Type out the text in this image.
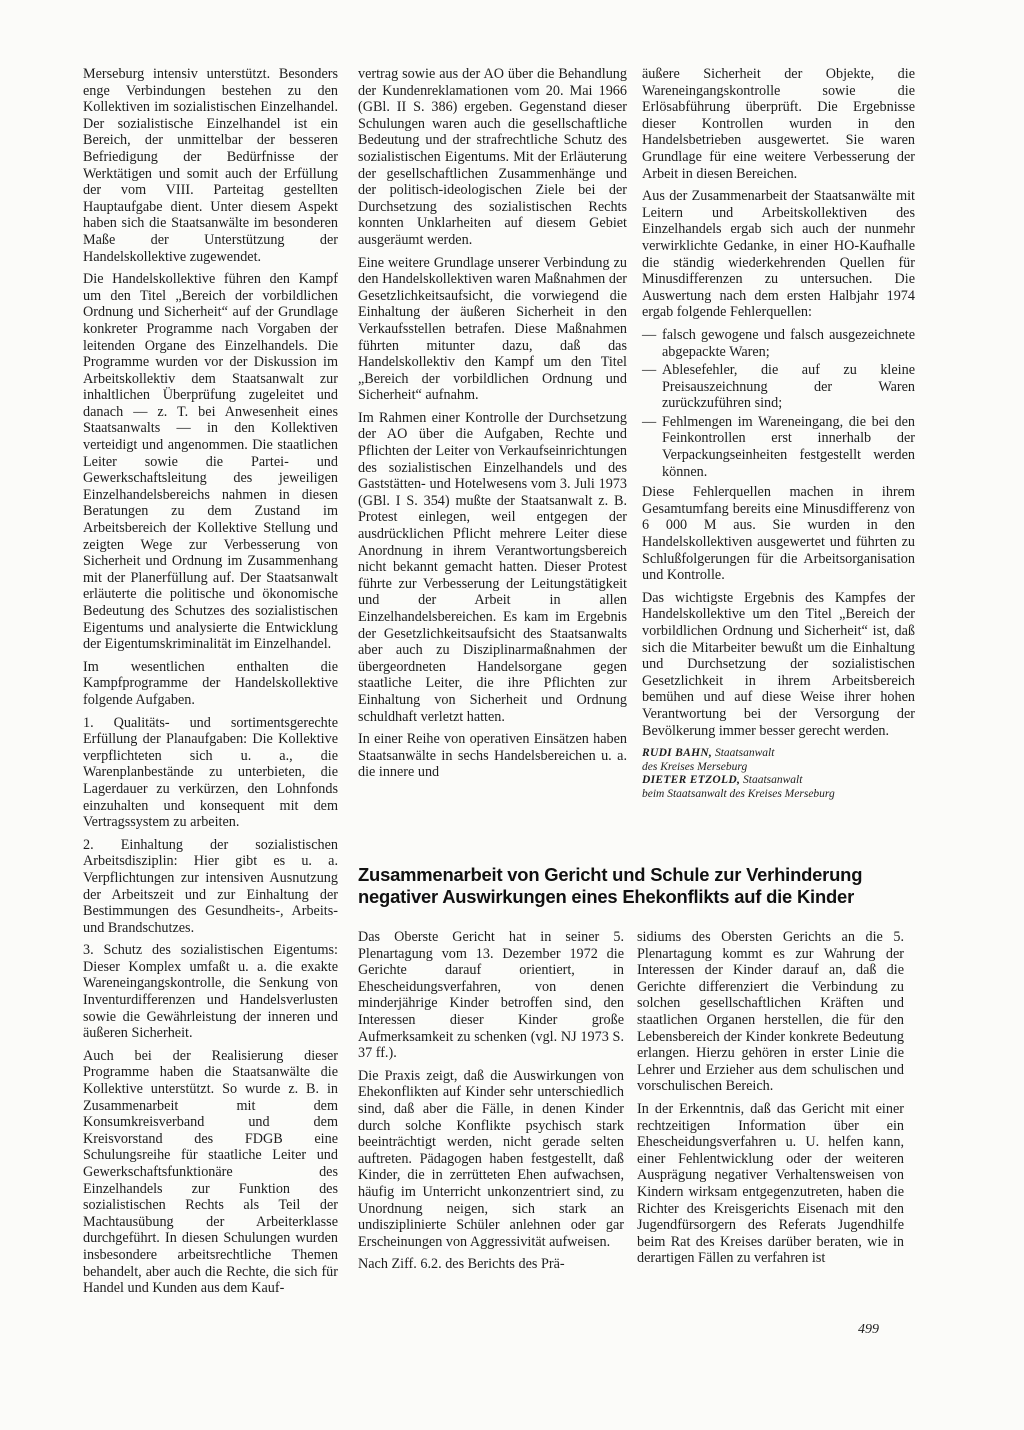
Merseburg intensiv unterstützt. Besonders enge Verbindungen bestehen zu den Kollektiven im sozialistischen Einzelhandel. Der sozialistische Einzelhandel ist ein Bereich, der unmittelbar der besseren Befriedigung der Bedürfnisse der Werktätigen und somit auch der Erfüllung der vom VIII. Parteitag gestellten Hauptaufgabe dient. Unter diesem Aspekt haben sich die Staatsanwälte im besonderen Maße der Unterstützung der Handelskollektive zugewendet.

Die Handelskollektive führen den Kampf um den Titel „Bereich der vorbildlichen Ordnung und Sicherheit“ auf der Grundlage konkreter Programme nach Vorgaben der leitenden Organe des Einzelhandels. Die Programme wurden vor der Diskussion im Arbeitskollektiv dem Staatsanwalt zur inhaltlichen Überprüfung zugeleitet und danach — z. T. bei Anwesenheit eines Staatsanwalts — in den Kollektiven verteidigt und angenommen. Die staatlichen Leiter sowie die Partei- und Gewerkschaftsleitung des jeweiligen Einzelhandelsbereichs nahmen in diesen Beratungen zu dem Zustand im Arbeitsbereich der Kollektive Stellung und zeigten Wege zur Verbesserung von Sicherheit und Ordnung im Zusammenhang mit der Planerfüllung auf. Der Staatsanwalt erläuterte die politische und ökonomische Bedeutung des Schutzes des sozialistischen Eigentums und analysierte die Entwicklung der Eigentumskriminalität im Einzelhandel.

Im wesentlichen enthalten die Kampfprogramme der Handelskollektive folgende Aufgaben.

1. Qualitäts- und sortimentsgerechte Erfüllung der Planaufgaben: Die Kollektive verpflichteten sich u. a., die Warenplanbestände zu unterbieten, die Lagerdauer zu verkürzen, den Lohnfonds einzuhalten und konsequent mit dem Vertragssystem zu arbeiten.

2. Einhaltung der sozialistischen Arbeitsdisziplin: Hier gibt es u. a. Verpflichtungen zur intensiven Ausnutzung der Arbeitszeit und zur Einhaltung der Bestimmungen des Gesundheits-, Arbeits- und Brandschutzes.

3. Schutz des sozialistischen Eigentums: Dieser Komplex umfaßt u. a. die exakte Wareneingangskontrolle, die Senkung von Inventurdifferenzen und Handelsverlusten sowie die Gewährleistung der inneren und äußeren Sicherheit.

Auch bei der Realisierung dieser Programme haben die Staatsanwälte die Kollektive unterstützt. So wurde z. B. in Zusammenarbeit mit dem Konsumkreisverband und dem Kreisvorstand des FDGB eine Schulungsreihe für staatliche Leiter und Gewerkschaftsfunktionäre des Einzelhandels zur Funktion des sozialistischen Rechts als Teil der Machtausübung der Arbeiterklasse durchgeführt. In diesen Schulungen wurden insbesondere arbeitsrechtliche Themen behandelt, aber auch die Rechte, die sich für Handel und Kunden aus dem Kauf-

vertrag sowie aus der AO über die Behandlung der Kundenreklamationen vom 20. Mai 1966 (GBl. II S. 386) ergeben. Gegenstand dieser Schulungen waren auch die gesellschaftliche Bedeutung und der strafrechtliche Schutz des sozialistischen Eigentums. Mit der Erläuterung der gesellschaftlichen Zusammenhänge und der politisch-ideologischen Ziele bei der Durchsetzung des sozialistischen Rechts konnten Unklarheiten auf diesem Gebiet ausgeräumt werden.

Eine weitere Grundlage unserer Verbindung zu den Handelskollektiven waren Maßnahmen der Gesetzlichkeitsaufsicht, die vorwiegend die Einhaltung der äußeren Sicherheit in den Verkaufsstellen betrafen. Diese Maßnahmen führten mitunter dazu, daß das Handelskollektiv den Kampf um den Titel „Bereich der vorbildlichen Ordnung und Sicherheit“ aufnahm.

Im Rahmen einer Kontrolle der Durchsetzung der AO über die Aufgaben, Rechte und Pflichten der Leiter von Verkaufseinrichtungen des sozialistischen Einzelhandels und des Gaststätten- und Hotelwesens vom 3. Juli 1973 (GBl. I S. 354) mußte der Staatsanwalt z. B. Protest einlegen, weil entgegen der ausdrücklichen Pflicht mehrere Leiter diese Anordnung in ihrem Verantwortungsbereich nicht bekannt gemacht hatten. Dieser Protest führte zur Verbesserung der Leitungstätigkeit und der Arbeit in allen Einzelhandelsbereichen. Es kam im Ergebnis der Gesetzlichkeitsaufsicht des Staatsanwalts aber auch zu Disziplinarmaßnahmen der übergeordneten Handelsorgane gegen staatliche Leiter, die ihre Pflichten zur Einhaltung von Sicherheit und Ordnung schuldhaft verletzt hatten.

In einer Reihe von operativen Einsätzen haben Staatsanwälte in sechs Handelsbereichen u. a. die innere und

äußere Sicherheit der Objekte, die Wareneingangskontrolle sowie die Erlösabführung überprüft. Die Ergebnisse dieser Kontrollen wurden in den Handelsbetrieben ausgewertet. Sie waren Grundlage für eine weitere Verbesserung der Arbeit in diesen Bereichen.

Aus der Zusammenarbeit der Staatsanwälte mit Leitern und Arbeitskollektiven des Einzelhandels ergab sich auch der nunmehr verwirklichte Gedanke, in einer HO-Kaufhalle die ständig wiederkehrenden Quellen für Minusdifferenzen zu untersuchen. Die Auswertung nach dem ersten Halbjahr 1974 ergab folgende Fehlerquellen:

— falsch gewogene und falsch ausgezeichnete abgepackte Waren;
— Ablesefehler, die auf zu kleine Preisauszeichnung der Waren zurückzuführen sind;
— Fehlmengen im Wareneingang, die bei den Feinkontrollen erst innerhalb der Verpackungseinheiten festgestellt werden können.

Diese Fehlerquellen machen in ihrem Gesamtumfang bereits eine Minusdifferenz von 6 000 M aus. Sie wurden in den Handelskollektiven ausgewertet und führten zu Schlußfolgerungen für die Arbeitsorganisation und Kontrolle.

Das wichtigste Ergebnis des Kampfes der Handelskollektive um den Titel „Bereich der vorbildlichen Ordnung und Sicherheit“ ist, daß sich die Mitarbeiter bewußt um die Einhaltung und Durchsetzung der sozialistischen Gesetzlichkeit in ihrem Arbeitsbereich bemühen und auf diese Weise ihrer hohen Verantwortung bei der Versorgung der Bevölkerung immer besser gerecht werden.

RUDI BAHN, Staatsanwalt
des Kreises Merseburg
DIETER ETZOLD, Staatsanwalt
beim Staatsanwalt des Kreises Merseburg
Zusammenarbeit von Gericht und Schule zur Verhinderung
negativer Auswirkungen eines Ehekonflikts auf die Kinder

Das Oberste Gericht hat in seiner 5. Plenartagung vom 13. Dezember 1972 die Gerichte darauf orientiert, in Ehescheidungsverfahren, von denen minderjährige Kinder betroffen sind, den Interessen dieser Kinder große Aufmerksamkeit zu schenken (vgl. NJ 1973 S. 37 ff.).

Die Praxis zeigt, daß die Auswirkungen von Ehekonflikten auf Kinder sehr unterschiedlich sind, daß aber die Fälle, in denen Kinder durch solche Konflikte psychisch stark beeinträchtigt werden, nicht gerade selten auftreten. Pädagogen haben festgestellt, daß Kinder, die in zerrütteten Ehen aufwachsen, häufig im Unterricht unkonzentriert sind, zu Unordnung neigen, sich stark an undisziplinierte Schüler anlehnen oder gar Erscheinungen von Aggressivität aufweisen.

Nach Ziff. 6.2. des Berichts des Prä-

sidiums des Obersten Gerichts an die 5. Plenartagung kommt es zur Wahrung der Interessen der Kinder darauf an, daß die Gerichte differenziert die Verbindung zu solchen gesellschaftlichen Kräften und staatlichen Organen herstellen, die für den Lebensbereich der Kinder konkrete Bedeutung erlangen. Hierzu gehören in erster Linie die Lehrer und Erzieher aus dem schulischen und vorschulischen Bereich.

In der Erkenntnis, daß das Gericht mit einer rechtzeitigen Information über ein Ehescheidungsverfahren u. U. helfen kann, einer Fehlentwicklung oder der weiteren Ausprägung negativer Verhaltensweisen von Kindern wirksam entgegenzutreten, haben die Richter des Kreisgerichts Eisenach mit den Jugendfürsorgern des Referats Jugendhilfe beim Rat des Kreises darüber beraten, wie in derartigen Fällen zu verfahren ist

499
